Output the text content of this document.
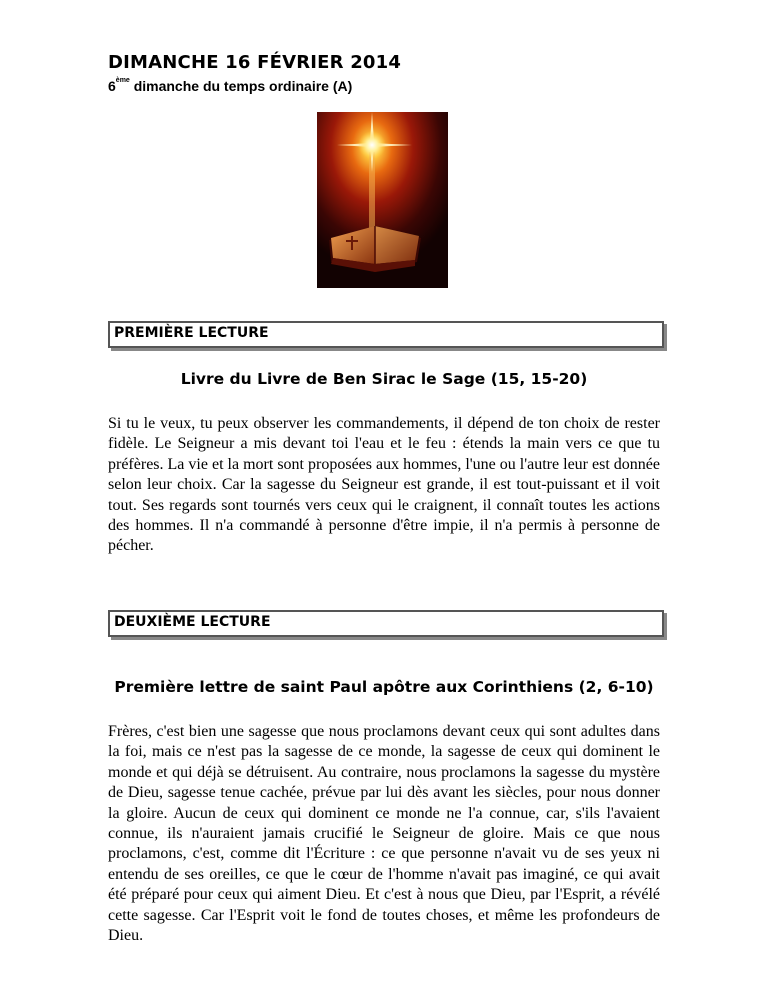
DIMANCHE 16 FÉVRIER 2014
6ème dimanche du temps ordinaire (A)
PREMIÈRE LECTURE
Livre du Livre de Ben Sirac le Sage (15, 15-20)
Si tu le veux, tu peux observer les commandements, il dépend de ton choix de rester fidèle. Le Seigneur a mis devant toi l'eau et le feu : étends la main vers ce que tu préfères. La vie et la mort sont proposées aux hommes, l'une ou l'autre leur est donnée selon leur choix. Car la sagesse du Seigneur est grande, il est tout-puissant et il voit tout. Ses regards sont tournés vers ceux qui le craignent, il connaît toutes les actions des hommes. Il n'a commandé à personne d'être impie, il n'a permis à personne de pécher.
DEUXIÈME LECTURE
Première lettre de saint Paul apôtre aux Corinthiens (2, 6-10)
Frères, c'est bien une sagesse que nous proclamons devant ceux qui sont adultes dans la foi, mais ce n'est pas la sagesse de ce monde, la sagesse de ceux qui dominent le monde et qui déjà se détruisent. Au contraire, nous proclamons la sagesse du mystère de Dieu, sagesse tenue cachée, prévue par lui dès avant les siècles, pour nous donner la gloire. Aucun de ceux qui dominent ce monde ne l'a connue, car, s'ils l'avaient connue, ils n'auraient jamais crucifié le Seigneur de gloire. Mais ce que nous proclamons, c'est, comme dit l'Écriture : ce que personne n'avait vu de ses yeux ni entendu de ses oreilles, ce que le cœur de l'homme n'avait pas imaginé, ce qui avait été préparé pour ceux qui aiment Dieu. Et c'est à nous que Dieu, par l'Esprit, a révélé cette sagesse. Car l'Esprit voit le fond de toutes choses, et même les profondeurs de Dieu.
